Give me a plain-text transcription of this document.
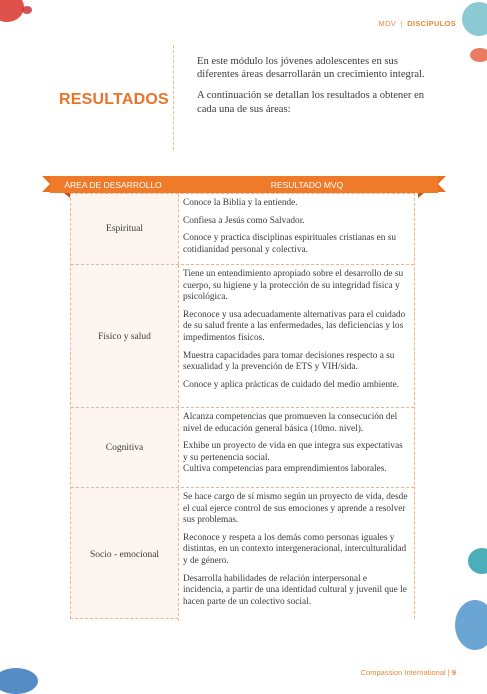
MDV | DISCÍPULOS
RESULTADOS

En este módulo los jóvenes adolescentes en sus diferentes áreas desarrollarán un crecimiento integral.

A continuación se detallan los resultados a obtener en cada una de sus áreas:

ÁREA DE DESARROLLO	RESULTADO MVQ
Espiritual

Conoce la Biblia y la entiende.

Confiesa a Jesús como Salvador.

Conoce y practica disciplinas espirituales cristianas en su cotidianidad personal y colectiva.

Físico y salud

Tiene un entendimiento apropiado sobre el desarrollo de su cuerpo, su higiene y la protección de su integridad física y psicológica.

Reconoce y usa adecuadamente alternativas para el cuidado de su salud frente a las enfermedades, las deficiencias y los impedimentos físicos.

Muestra capacidades para tomar decisiones respecto a su sexualidad y la prevención de ETS y VIH/sida.

Conoce y aplica prácticas de cuidado del medio ambiente.

Cognitiva

Alcanza competencias que promueven la consecución del nivel de educación general básica (10mo. nivel).

Exhibe un proyecto de vida en que integra sus expectativas y su pertenencia social.

Cultiva competencias para emprendimientos laborales.

Socio - emocional

Se hace cargo de sí mismo según un proyecto de vida, desde el cual ejerce control de sus emociones y aprende a resolver sus problemas.

Reconoce y respeta a los demás como personas iguales y distintas, en un contexto intergeneracional, interculturalidad y de género.

Desarrolla habilidades de relación interpersonal e incidencia, a partir de una identidad cultural y juvenil que le hacen parte de un colectivo social.

Compassion International | 9
